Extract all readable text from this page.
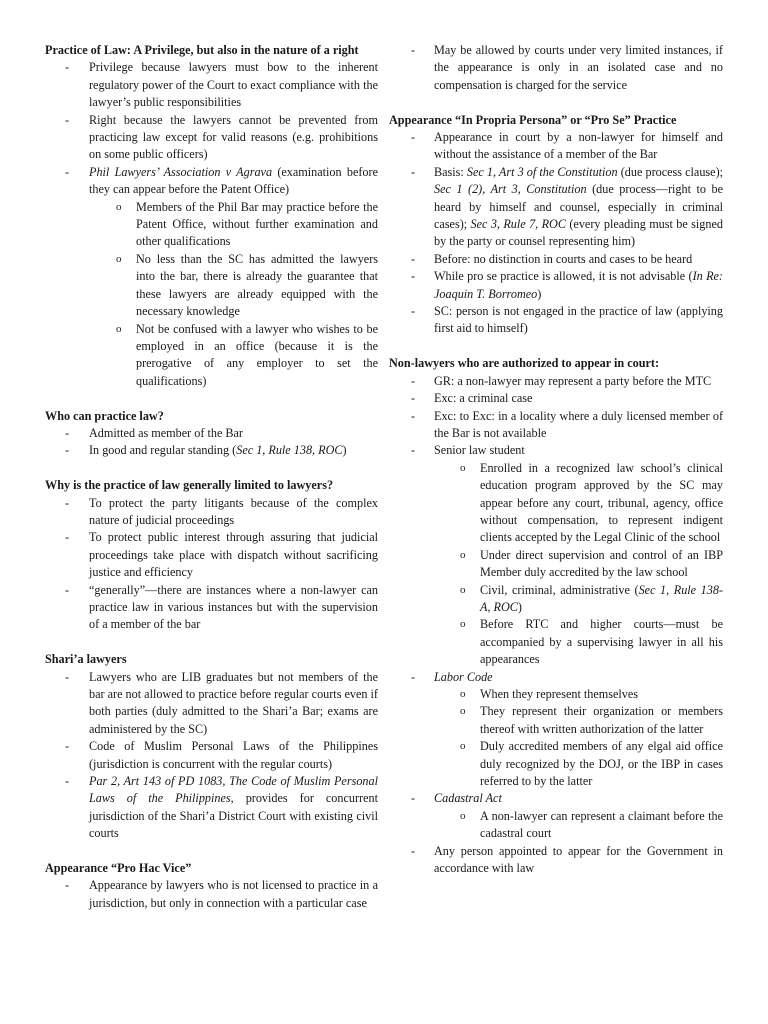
Practice of Law: A Privilege, but also in the nature of a right
- Privilege because lawyers must bow to the inherent regulatory power of the Court to exact compliance with the lawyer’s public responsibilities
- Right because the lawyers cannot be prevented from practicing law except for valid reasons (e.g. prohibitions on some public officers)
- Phil Lawyers’ Association v Agrava (examination before they can appear before the Patent Office)
o Members of the Phil Bar may practice before the Patent Office, without further examination and other qualifications
o No less than the SC has admitted the lawyers into the bar, there is already the guarantee that these lawyers are already equipped with the necessary knowledge
o Not be confused with a lawyer who wishes to be employed in an office (because it is the prerogative of any employer to set the qualifications)
Who can practice law?
- Admitted as member of the Bar
- In good and regular standing (Sec 1, Rule 138, ROC)
Why is the practice of law generally limited to lawyers?
- To protect the party litigants because of the complex nature of judicial proceedings
- To protect public interest through assuring that judicial proceedings take place with dispatch without sacrificing justice and efficiency
- “generally”—there are instances where a non-lawyer can practice law in various instances but with the supervision of a member of the bar
Shari’a lawyers
- Lawyers who are LIB graduates but not members of the bar are not allowed to practice before regular courts even if both parties (duly admitted to the Shari’a Bar; exams are administered by the SC)
- Code of Muslim Personal Laws of the Philippines (jurisdiction is concurrent with the regular courts)
- Par 2, Art 143 of PD 1083, The Code of Muslim Personal Laws of the Philippines, provides for concurrent jurisdiction of the Shari’a District Court with existing civil courts
Appearance “Pro Hac Vice”
- Appearance by lawyers who is not licensed to practice in a jurisdiction, but only in connection with a particular case
- May be allowed by courts under very limited instances, if the appearance is only in an isolated case and no compensation is charged for the service
Appearance “In Propria Persona” or “Pro Se” Practice
- Appearance in court by a non-lawyer for himself and without the assistance of a member of the Bar
- Basis: Sec 1, Art 3 of the Constitution (due process clause); Sec 1 (2), Art 3, Constitution (due process—right to be heard by himself and counsel, especially in criminal cases); Sec 3, Rule 7, ROC (every pleading must be signed by the party or counsel representing him)
- Before: no distinction in courts and cases to be heard
- While pro se practice is allowed, it is not advisable (In Re: Joaquin T. Borromeo)
- SC: person is not engaged in the practice of law (applying first aid to himself)
Non-lawyers who are authorized to appear in court:
- GR: a non-lawyer may represent a party before the MTC
- Exc: a criminal case
- Exc: to Exc: in a locality where a duly licensed member of the Bar is not available
- Senior law student
o Enrolled in a recognized law school’s clinical education program approved by the SC may appear before any court, tribunal, agency, office without compensation, to represent indigent clients accepted by the Legal Clinic of the school
o Under direct supervision and control of an IBP Member duly accredited by the law school
o Civil, criminal, administrative (Sec 1, Rule 138-A, ROC)
o Before RTC and higher courts—must be accompanied by a supervising lawyer in all his appearances
- Labor Code
o When they represent themselves
o They represent their organization or members thereof with written authorization of the latter
o Duly accredited members of any elgal aid office duly recognized by the DOJ, or the IBP in cases referred to by the latter
- Cadastral Act
o A non-lawyer can represent a claimant before the cadastral court
- Any person appointed to appear for the Government in accordance with law
